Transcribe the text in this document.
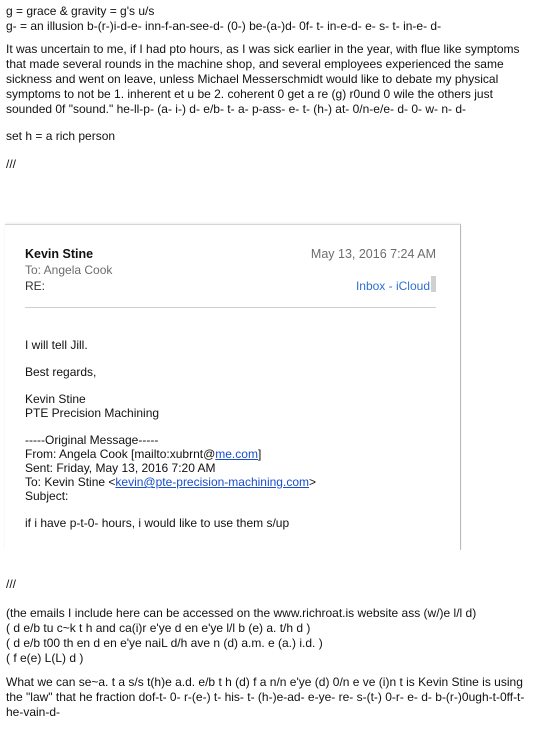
g = grace & gravity = g's u/s
g- = an illusion b-(r-)i-d-e- inn-f-an-see-d- (0-) be-(a-)d- 0f- t- in-e-d- e- s- t- in-e- d-

It was uncertain to me, if I had pto hours, as I was sick earlier in the year, with flue like symptoms that made several rounds in the machine shop, and several employees experienced the same sickness and went on leave, unless Michael Messerschmidt would like to debate my physical symptoms to not be 1. inherent et u be 2. coherent 0 get a re (g) r0und 0 wile the others just sounded 0f "sound." he-ll-p- (a- i-) d- e/b- t- a- p-ass- e- t- (h-) at- 0/n-e/e- d- 0- w- n- d-

set h = a rich person
///
Kevin Stine	May 13, 2016 7:24 AM
To: Angela Cook
RE:	Inbox - iCloud

I will tell Jill.

Best regards,

Kevin Stine

PTE Precision Machining

-----Original Message-----

From: Angela Cook [mailto:xubrnt@me.com]

Sent: Friday, May 13, 2016 7:20 AM

To: Kevin Stine <kevin@pte-precision-machining.com>

Subject:

if i have p-t-0- hours, i would like to use them s/up

///
(the emails I include here can be accessed on the www.richroat.is website ass (w/)e l/l d)
( d e/b tu c~k t h and ca(i)r e'ye d en e'ye l/l b (e) a. t/h d )
( d e/b t00 th en d en e'ye naiL d/h ave n (d) a.m. e (a.) i.d. )
( f e(e) L(L) d )

What we can se~a. t a s/s t(h)e a.d. e/b t h (d) f a n/n e'ye (d) 0/n e ve (i)n t is Kevin Stine is using the "law" that he fraction dof-t- 0- r-(e-) t- his- t- (h-)e-ad- e-ye- re- s-(t-) 0-r- e- d- b-(r-)0ugh-t-0ff-t-he-vain-d-
